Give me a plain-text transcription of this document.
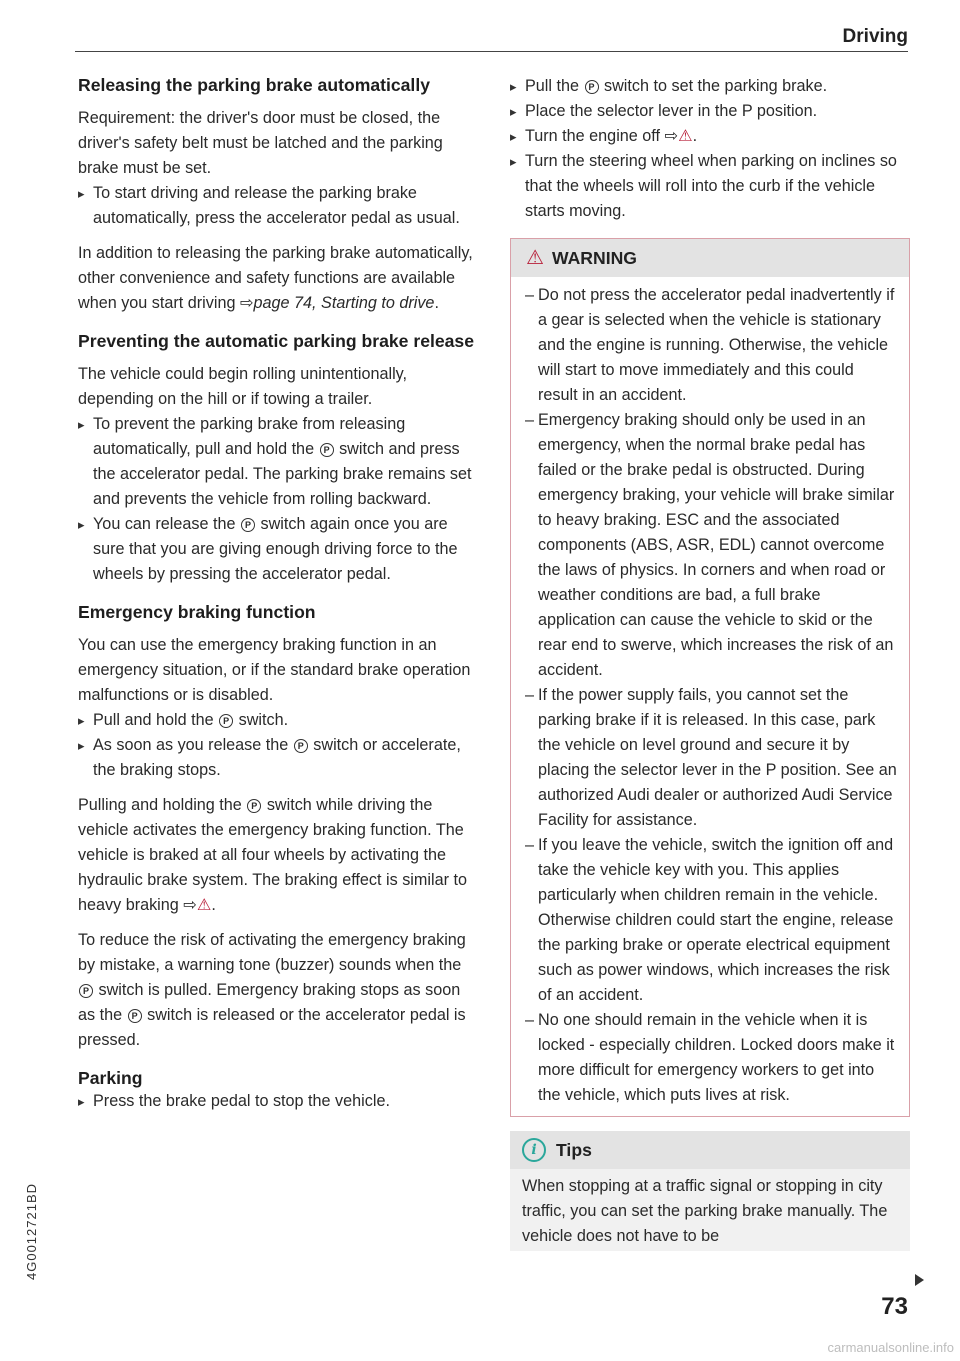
Driving
Releasing the parking brake automatically

Requirement: the driver's door must be closed, the driver's safety belt must be latched and the parking brake must be set.

▸ To start driving and release the parking brake automatically, press the accelerator pedal as usual.

In addition to releasing the parking brake automatically, other convenience and safety functions are available when you start driving ⇨page 74, Starting to drive.

Preventing the automatic parking brake release

The vehicle could begin rolling unintentionally, depending on the hill or if towing a trailer.

▸ To prevent the parking brake from releasing automatically, pull and hold the P switch and press the accelerator pedal. The parking brake remains set and prevents the vehicle from rolling backward.
▸ You can release the P switch again once you are sure that you are giving enough driving force to the wheels by pressing the accelerator pedal.
Emergency braking function

You can use the emergency braking function in an emergency situation, or if the standard brake operation malfunctions or is disabled.

▸ Pull and hold the P switch.
▸ As soon as you release the P switch or accelerate, the braking stops.

Pulling and holding the P switch while driving the vehicle activates the emergency braking function. The vehicle is braked at all four wheels by activating the hydraulic brake system. The braking effect is similar to heavy braking ⇨⚠.

To reduce the risk of activating the emergency braking by mistake, a warning tone (buzzer) sounds when the P switch is pulled. Emergency braking stops as soon as the P switch is released or the accelerator pedal is pressed.

Parking
▸ Press the brake pedal to stop the vehicle.
▸ Pull the P switch to set the parking brake.
▸ Place the selector lever in the P position.
▸ Turn the engine off ⇨⚠.
▸ Turn the steering wheel when parking on inclines so that the wheels will roll into the curb if the vehicle starts moving.
⚠ WARNING
– Do not press the accelerator pedal inadvertently if a gear is selected when the vehicle is stationary and the engine is running. Otherwise, the vehicle will start to move immediately and this could result in an accident.
– Emergency braking should only be used in an emergency, when the normal brake pedal has failed or the brake pedal is obstructed. During emergency braking, your vehicle will brake similar to heavy braking. ESC and the associated components (ABS, ASR, EDL) cannot overcome the laws of physics. In corners and when road or weather conditions are bad, a full brake application can cause the vehicle to skid or the rear end to swerve, which increases the risk of an accident.
– If the power supply fails, you cannot set the parking brake if it is released. In this case, park the vehicle on level ground and secure it by placing the selector lever in the P position. See an authorized Audi dealer or authorized Audi Service Facility for assistance.
– If you leave the vehicle, switch the ignition off and take the vehicle key with you. This applies particularly when children remain in the vehicle. Otherwise children could start the engine, release the parking brake or operate electrical equipment such as power windows, which increases the risk of an accident.
– No one should remain in the vehicle when it is locked - especially children. Locked doors make it more difficult for emergency workers to get into the vehicle, which puts lives at risk.
i	Tips

When stopping at a traffic signal or stopping in city traffic, you can set the parking brake manually. The vehicle does not have to be

73
4G0012721BD
carmanualsonline.info
